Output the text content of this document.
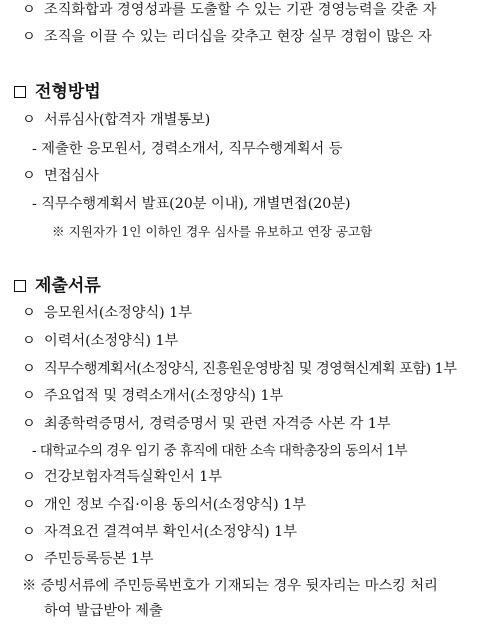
ㅇ 조직화합과 경영성과를 도출할 수 있는 기관 경영능력을 갖춘 자
ㅇ 조직을 이끌 수 있는 리더십을 갖추고 현장 실무 경험이 많은 자
전형방법
ㅇ 서류심사(합격자 개별통보)
- 제출한 응모원서, 경력소개서, 직무수행계획서 등
ㅇ 면접심사
- 직무수행계획서 발표(20분 이내), 개별면접(20분)
※ 지원자가 1인 이하인 경우 심사를 유보하고 연장 공고함
제출서류
ㅇ 응모원서(소정양식) 1부
ㅇ 이력서(소정양식) 1부
ㅇ 직무수행계획서(소정양식, 진흥원운영방침 및 경영혁신계획 포함) 1부
ㅇ 주요업적 및 경력소개서(소정양식) 1부
ㅇ 최종학력증명서, 경력증명서 및 관련 자격증 사본 각 1부
- 대학교수의 경우 임기 중 휴직에 대한 소속 대학총장의 동의서 1부
ㅇ 건강보험자격득실확인서 1부
ㅇ 개인 정보 수집·이용 동의서(소정양식) 1부
ㅇ 자격요건 결격여부 확인서(소정양식) 1부
ㅇ 주민등록등본 1부
※ 증빙서류에 주민등록번호가 기재되는 경우 뒷자리는 마스킹 처리
하여 발급받아 제출
